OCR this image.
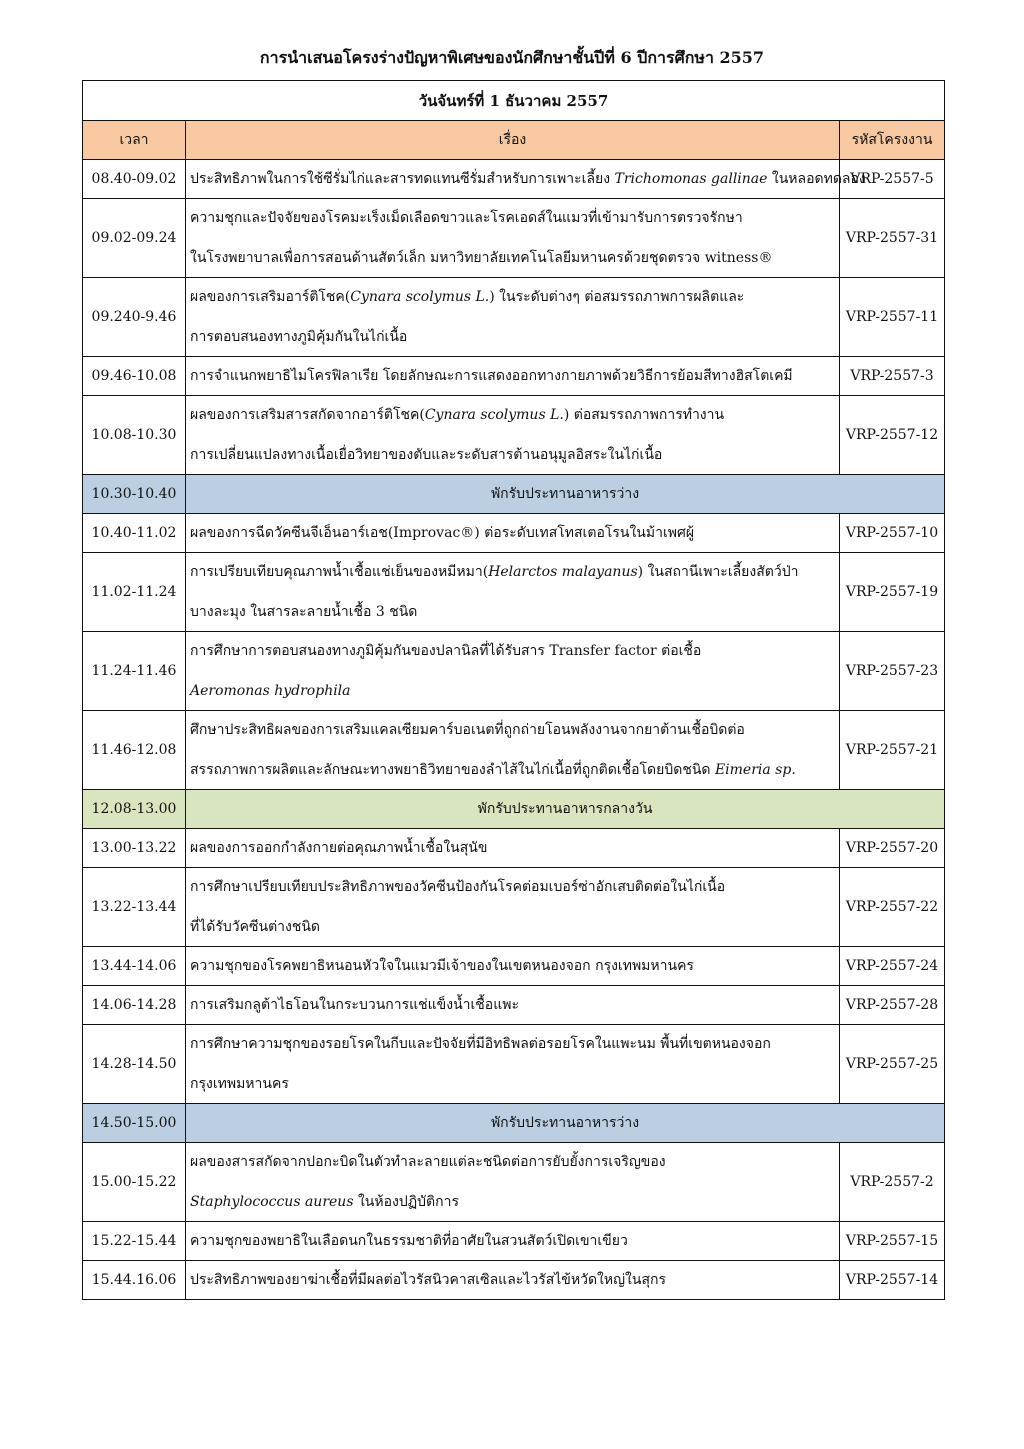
การนำเสนอโครงร่างปัญหาพิเศษของนักศึกษาชั้นปีที่ 6 ปีการศึกษา 2557
วันจันทร์ที่ 1 ธันวาคม 2557		
เวลา	เรื่อง	รหัสโครงงาน
08.40-09.02	ประสิทธิภาพในการใช้ซีรั่มไก่และสารทดแทนซีรั่มสำหรับการเพาะเลี้ยง Trichomonas gallinae ในหลอดทดลอง	VRP-2557-5
09.02-09.24	ความชุกและปัจจัยของโรคมะเร็งเม็ดเลือดขาวและโรคเอดส์ในแมวที่เข้ามารับการตรวจรักษา
ในโรงพยาบาลเพื่อการสอนด้านสัตว์เล็ก มหาวิทยาลัยเทคโนโลยีมหานครด้วยชุดตรวจ witness®	VRP-2557-31
09.240-9.46	ผลของการเสริมอาร์ติโชค(Cynara scolymus L.) ในระดับต่างๆ ต่อสมรรถภาพการผลิตและ
การตอบสนองทางภูมิคุ้มกันในไก่เนื้อ	VRP-2557-11
09.46-10.08	การจำแนกพยาธิไมโครฟิลาเรีย โดยลักษณะการแสดงออกทางกายภาพด้วยวิธีการย้อมสีทางฮิสโตเคมี	VRP-2557-3
10.08-10.30	ผลของการเสริมสารสกัดจากอาร์ติโชค(Cynara scolymus L.) ต่อสมรรถภาพการทำงาน
การเปลี่ยนแปลงทางเนื้อเยื่อวิทยาของตับและระดับสารต้านอนุมูลอิสระในไก่เนื้อ	VRP-2557-12
10.30-10.40	พักรับประทานอาหารว่าง	
10.40-11.02	ผลของการฉีดวัคซีนจีเอ็นอาร์เอช(Improvac®) ต่อระดับเทสโทสเตอโรนในม้าเพศผู้	VRP-2557-10
11.02-11.24	การเปรียบเทียบคุณภาพน้ำเชื้อแช่เย็นของหมีหมา(Helarctos malayanus) ในสถานีเพาะเลี้ยงสัตว์ป่า
บางละมุง ในสารละลายน้ำเชื้อ 3 ชนิด	VRP-2557-19
11.24-11.46	การศึกษาการตอบสนองทางภูมิคุ้มกันของปลานิลที่ได้รับสาร Transfer factor ต่อเชื้อ
Aeromonas hydrophila	VRP-2557-23
11.46-12.08	ศึกษาประสิทธิผลของการเสริมแคลเซียมคาร์บอเนตที่ถูกถ่ายโอนพลังงานจากยาต้านเชื้อบิดต่อ
สรรถภาพการผลิตและลักษณะทางพยาธิวิทยาของลำไส้ในไก่เนื้อที่ถูกติดเชื้อโดยบิดชนิด Eimeria sp.	VRP-2557-21
12.08-13.00	พักรับประทานอาหารกลางวัน	
13.00-13.22	ผลของการออกกำลังกายต่อคุณภาพน้ำเชื้อในสุนัข	VRP-2557-20
13.22-13.44	การศึกษาเปรียบเทียบประสิทธิภาพของวัคซีนป้องกันโรคต่อมเบอร์ซ่าอักเสบติดต่อในไก่เนื้อ
ที่ได้รับวัคซีนต่างชนิด	VRP-2557-22
13.44-14.06	ความชุกของโรคพยาธิหนอนหัวใจในแมวมีเจ้าของในเขตหนองจอก กรุงเทพมหานคร	VRP-2557-24
14.06-14.28	การเสริมกลูต้าไธโอนในกระบวนการแช่แข็งน้ำเชื้อแพะ	VRP-2557-28
14.28-14.50	การศึกษาความชุกของรอยโรคในกีบและปัจจัยที่มีอิทธิพลต่อรอยโรคในแพะนม พื้นที่เขตหนองจอก
กรุงเทพมหานคร	VRP-2557-25
14.50-15.00	พักรับประทานอาหารว่าง	
15.00-15.22	ผลของสารสกัดจากปอกะบิดในตัวทำละลายแต่ละชนิดต่อการยับยั้งการเจริญของ
Staphylococcus aureus ในห้องปฏิบัติการ	VRP-2557-2
15.22-15.44	ความชุกของพยาธิในเลือดนกในธรรมชาติที่อาศัยในสวนสัตว์เปิดเขาเขียว	VRP-2557-15
15.44.16.06	ประสิทธิภาพของยาฆ่าเชื้อที่มีผลต่อไวรัสนิวคาสเซิลและไวรัสไข้หวัดใหญ่ในสุกร	VRP-2557-14
